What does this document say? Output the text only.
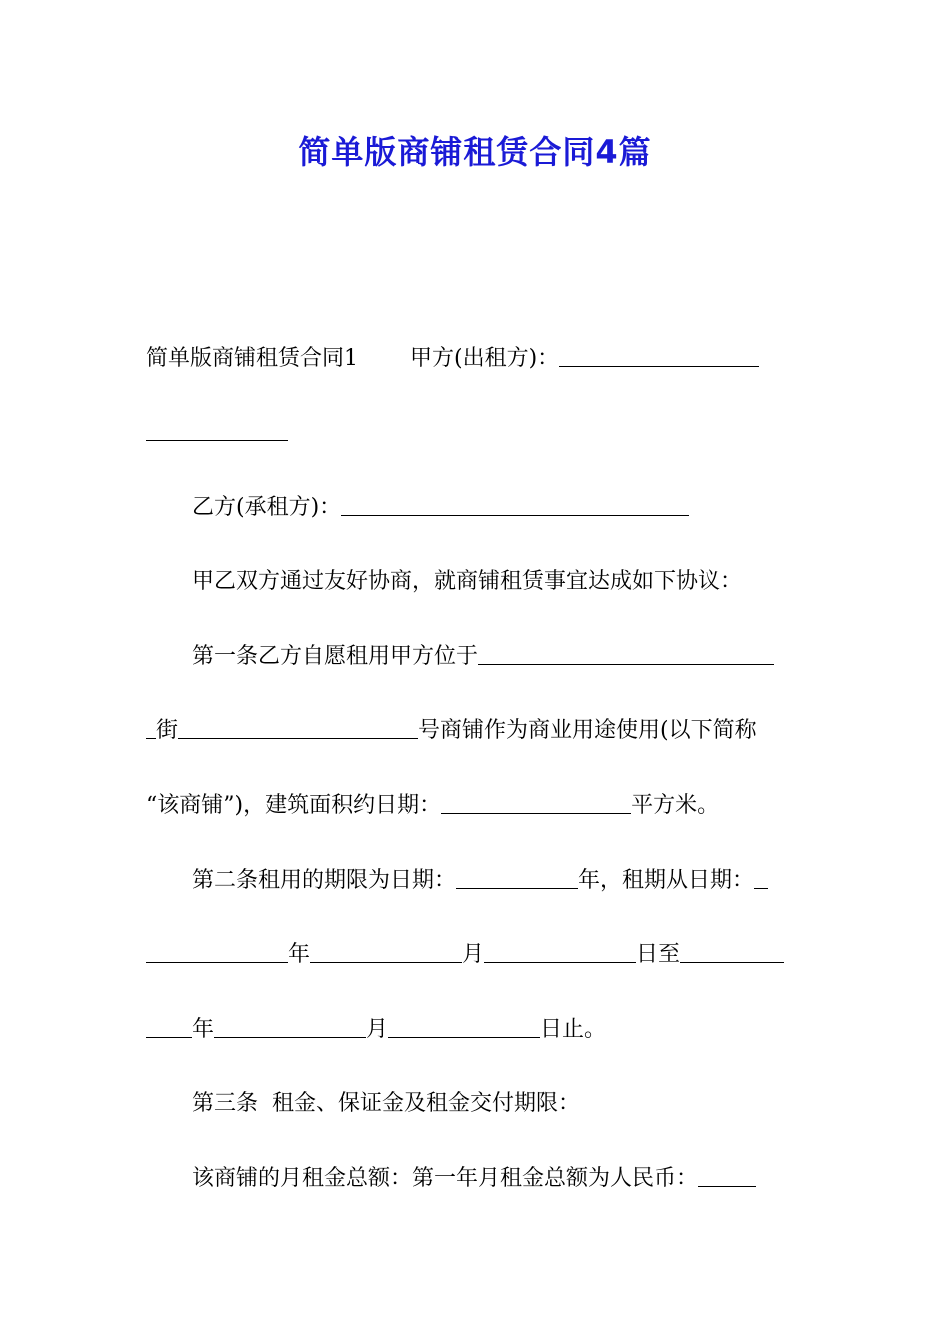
简单版商铺租赁合同4篇
简单版商铺租赁合同1 甲方(出租方)：
乙方(承租方)：
甲乙双方通过友好协商，就商铺租赁事宜达成如下协议：
第一条乙方自愿租用甲方位于
街	号商铺作为商业用途使用(以下简称
“该商铺”)，建筑面积约日期：	平方米。
第二条租用的期限为日期：	年，租期从日期：
年	月	日至
年	月	日止。
第三条  租金、保证金及租金交付期限：
该商铺的月租金总额：第一年月租金总额为人民币：
